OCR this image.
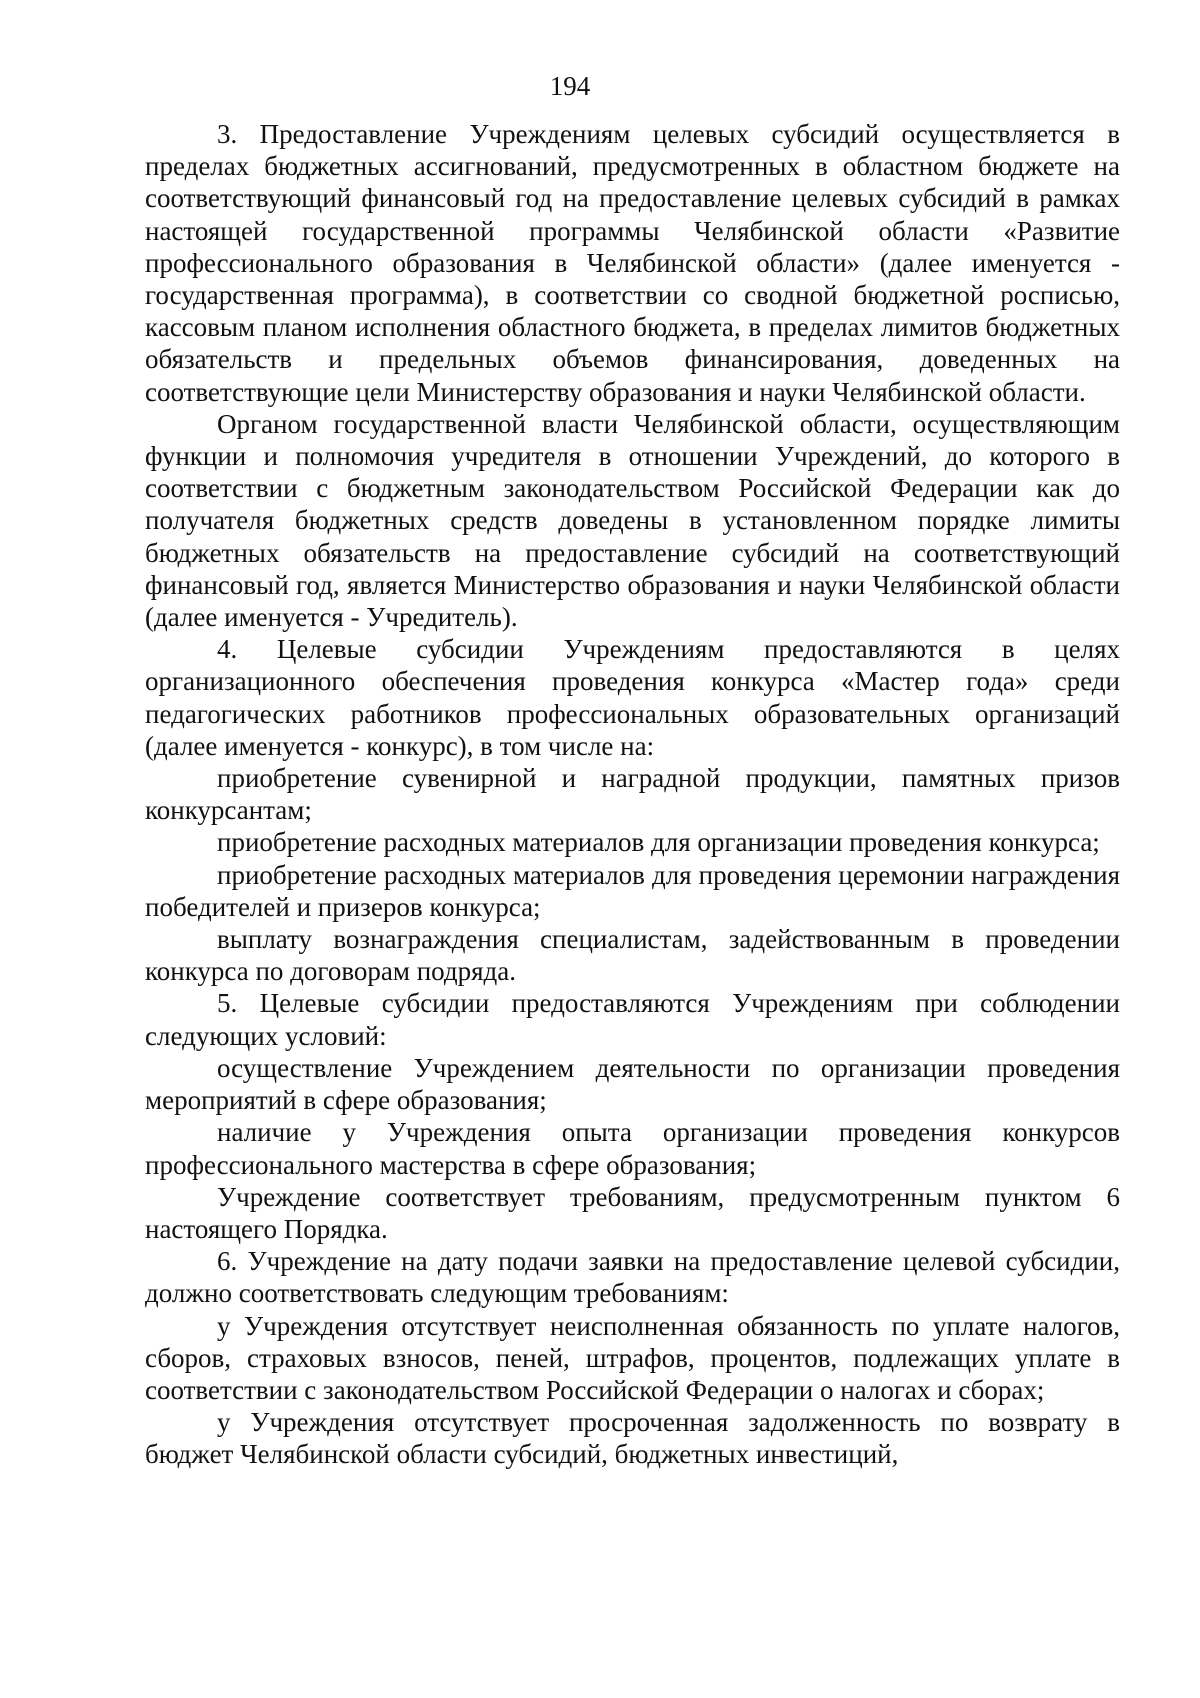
194

3. Предоставление Учреждениям целевых субсидий осуществляется в пределах бюджетных ассигнований, предусмотренных в областном бюджете на соответствующий финансовый год на предоставление целевых субсидий в рамках настоящей государственной программы Челябинской области «Развитие профессионального образования в Челябинской области» (далее именуется - государственная программа), в соответствии со сводной бюджетной росписью, кассовым планом исполнения областного бюджета, в пределах лимитов бюджетных обязательств и предельных объемов финансирования, доведенных на соответствующие цели Министерству образования и науки Челябинской области.

Органом государственной власти Челябинской области, осуществляющим функции и полномочия учредителя в отношении Учреждений, до которого в соответствии с бюджетным законодательством Российской Федерации как до получателя бюджетных средств доведены в установленном порядке лимиты бюджетных обязательств на предоставление субсидий на соответствующий финансовый год, является Министерство образования и науки Челябинской области (далее именуется - Учредитель).

4. Целевые субсидии Учреждениям предоставляются в целях организационного обеспечения проведения конкурса «Мастер года» среди педагогических работников профессиональных образовательных организаций (далее именуется - конкурс), в том числе на:

приобретение сувенирной и наградной продукции, памятных призов конкурсантам;

приобретение расходных материалов для организации проведения конкурса;

приобретение расходных материалов для проведения церемонии награждения победителей и призеров конкурса;

выплату вознаграждения специалистам, задействованным в проведении конкурса по договорам подряда.

5. Целевые субсидии предоставляются Учреждениям при соблюдении следующих условий:

осуществление Учреждением деятельности по организации проведения мероприятий в сфере образования;

наличие у Учреждения опыта организации проведения конкурсов профессионального мастерства в сфере образования;

Учреждение соответствует требованиям, предусмотренным пунктом 6 настоящего Порядка.

6. Учреждение на дату подачи заявки на предоставление целевой субсидии, должно соответствовать следующим требованиям:

у Учреждения отсутствует неисполненная обязанность по уплате налогов, сборов, страховых взносов, пеней, штрафов, процентов, подлежащих уплате в соответствии с законодательством Российской Федерации о налогах и сборах;

у Учреждения отсутствует просроченная задолженность по возврату в бюджет Челябинской области субсидий, бюджетных инвестиций,
